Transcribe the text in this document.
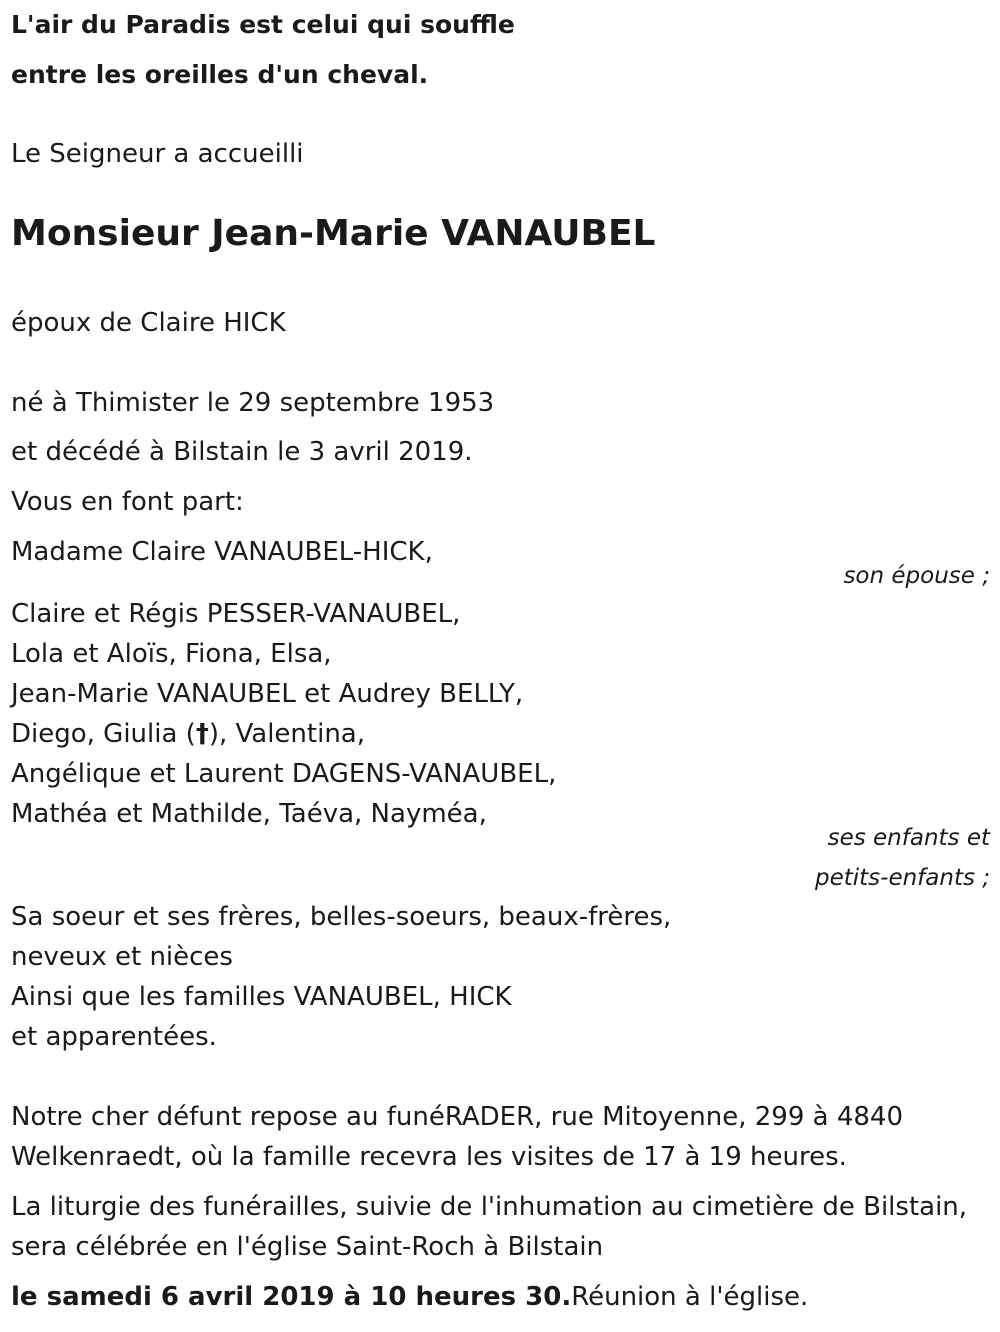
L'air du Paradis est celui qui souffle
entre les oreilles d'un cheval.
Le Seigneur a accueilli
Monsieur Jean-Marie VANAUBEL
époux de Claire HICK
né à Thimister le 29 septembre 1953
et décédé à Bilstain le 3 avril 2019.
Vous en font part:
Madame Claire VANAUBEL-HICK,
son épouse ;
Claire et Régis PESSER-VANAUBEL,
Lola et Aloïs, Fiona, Elsa,
Jean-Marie VANAUBEL et Audrey BELLY,
Diego, Giulia (†), Valentina,
Angélique et Laurent DAGENS-VANAUBEL,
Mathéa et Mathilde, Taéva, Nayméa,
ses enfants et
petits-enfants ;
Sa soeur et ses frères, belles-soeurs, beaux-frères,
neveux et nièces
Ainsi que les familles VANAUBEL, HICK
et apparentées.
Notre cher défunt repose au funéRADER, rue Mitoyenne, 299 à 4840
Welkenraedt, où la famille recevra les visites de 17 à 19 heures.
La liturgie des funérailles, suivie de l'inhumation au cimetière de Bilstain,
sera célébrée en l'église Saint-Roch à Bilstain
le samedi 6 avril 2019 à 10 heures 30.Réunion à l'église.
